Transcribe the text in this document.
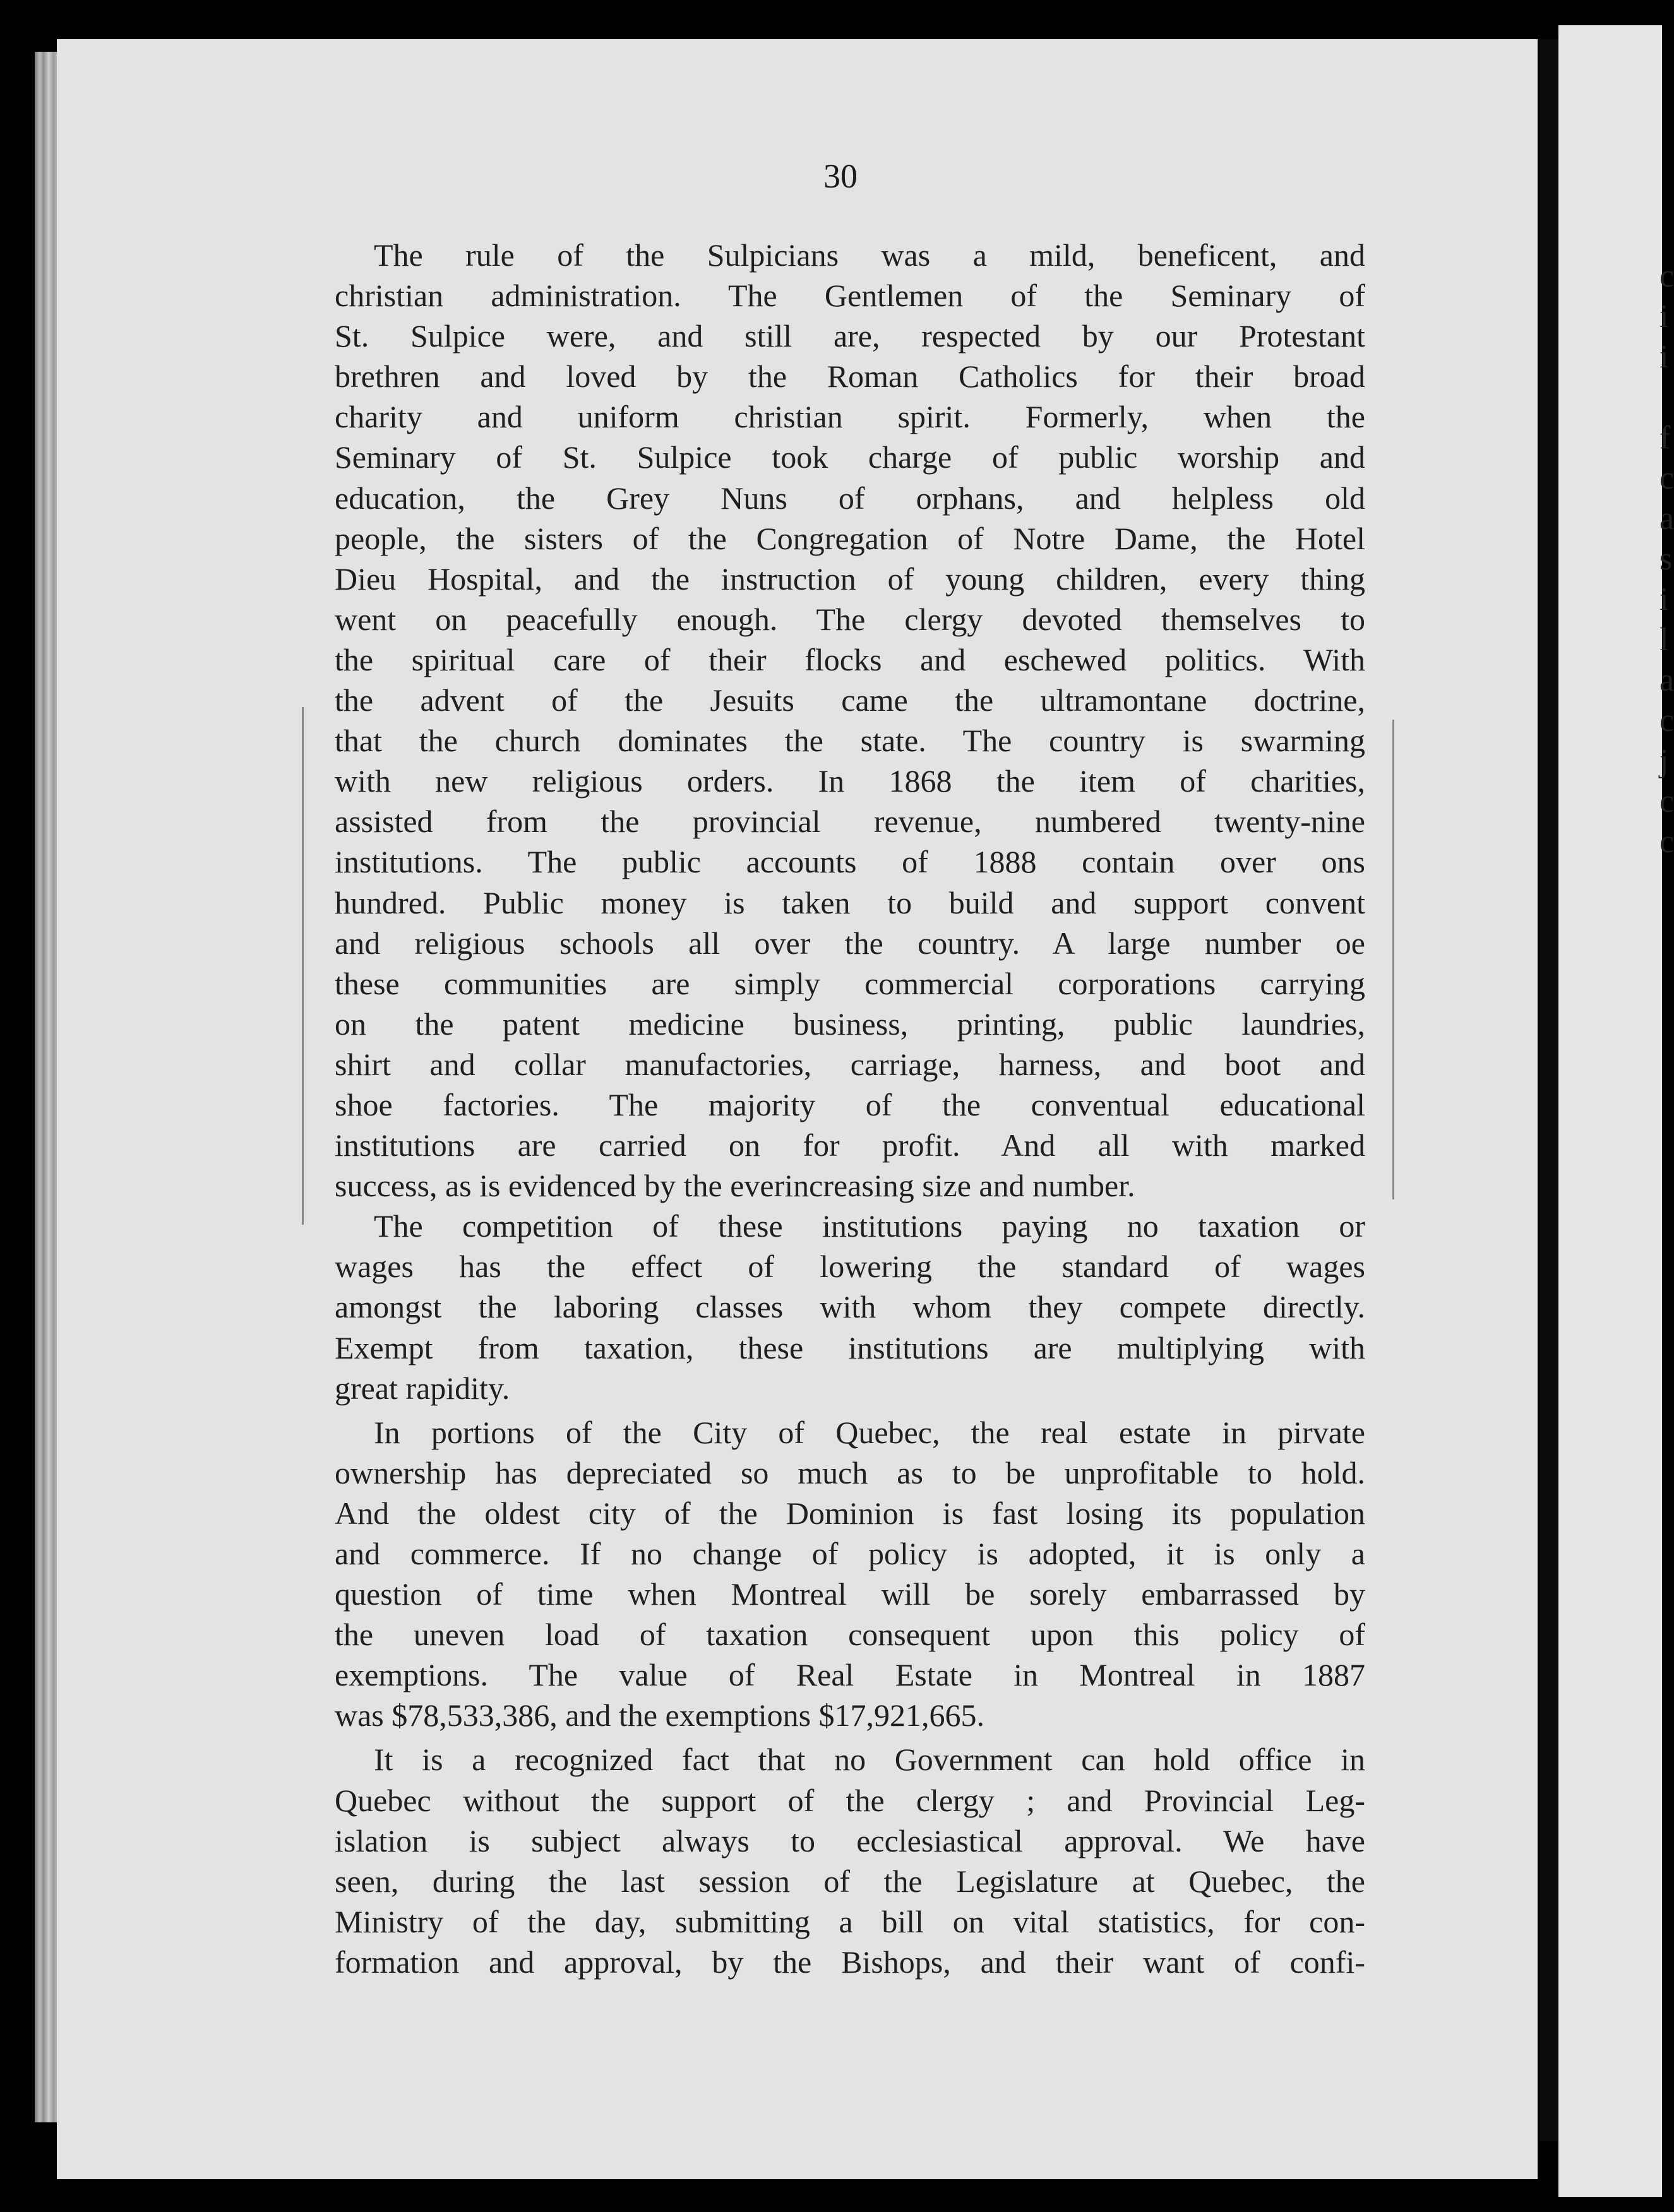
c
i
i
f
c
a
s
i
l
a
c
j
c
c
30
The rule of the Sulpicians was a mild, beneficent, and
christian administration. The Gentlemen of the Seminary of
St. Sulpice were, and still are, respected by our Protestant
brethren and loved by the Roman Catholics for their broad
charity and uniform christian spirit. Formerly, when the
Seminary of St. Sulpice took charge of public worship and
education, the Grey Nuns of orphans, and helpless old
people, the sisters of the Congregation of Notre Dame, the Hotel
Dieu Hospital, and the instruction of young children, every thing
went on peacefully enough. The clergy devoted themselves to
the spiritual care of their flocks and eschewed politics. With
the advent of the Jesuits came the ultramontane doctrine,
that the church dominates the state. The country is swarming
with new religious orders. In 1868 the item of charities,
assisted from the provincial revenue, numbered twenty-nine
institutions. The public accounts of 1888 contain over ons
hundred. Public money is taken to build and support convent
and religious schools all over the country. A large number oe
these communities are simply commercial corporations carrying
on the patent medicine business, printing, public laundries,
shirt and collar manufactories, carriage, harness, and boot and
shoe factories. The majority of the conventual educational
institutions are carried on for profit. And all with marked
success, as is evidenced by the everincreasing size and number.
The competition of these institutions paying no taxation or
wages has the effect of lowering the standard of wages
amongst the laboring classes with whom they compete directly.
Exempt from taxation, these institutions are multiplying with
great rapidity.
In portions of the City of Quebec, the real estate in pirvate
ownership has depreciated so much as to be unprofitable to hold.
And the oldest city of the Dominion is fast losing its population
and commerce. If no change of policy is adopted, it is only a
question of time when Montreal will be sorely embarrassed by
the uneven load of taxation consequent upon this policy of
exemptions. The value of Real Estate in Montreal in 1887
was $78,533,386, and the exemptions $17,921,665.
It is a recognized fact that no Government can hold office in
Quebec without the support of the clergy ; and Provincial Leg-
islation is subject always to ecclesiastical approval. We have
seen, during the last session of the Legislature at Quebec, the
Ministry of the day, submitting a bill on vital statistics, for con-
formation and approval, by the Bishops, and their want of confi-
